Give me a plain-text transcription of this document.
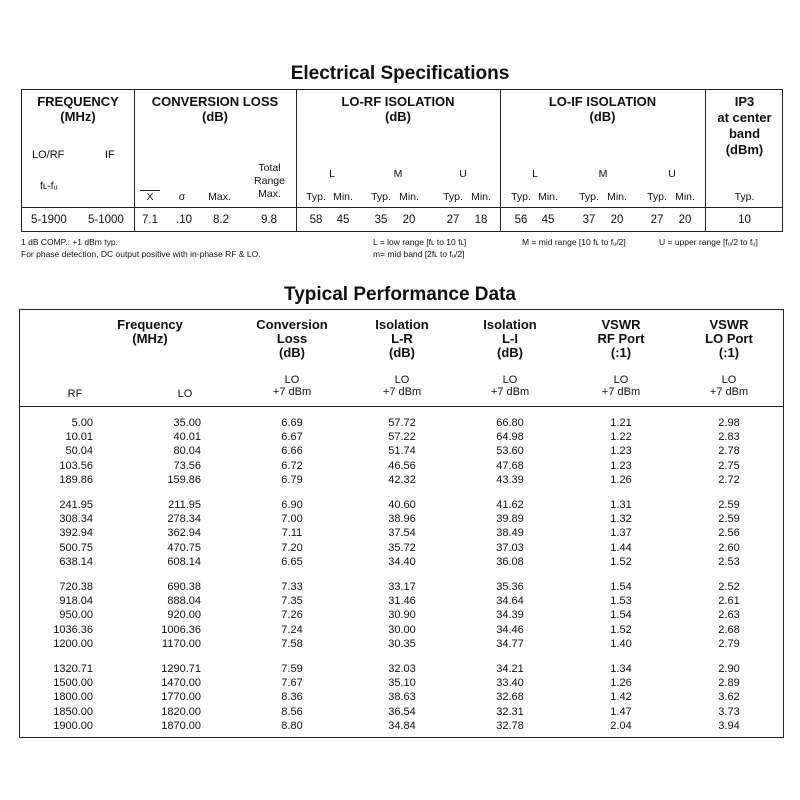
Electrical Specifications
FREQUENCY
(MHz)
LO/RF	IF
fʟ-fᵤ
CONVERSION LOSS
(dB)
Total
Range
Max.
X	σ	Max.
LO-RF ISOLATION
(dB)
L	M	U
Typ. Min. Typ. Min. Typ. Min.
LO-IF ISOLATION
(dB)
L	M	U
Typ. Min. Typ. Min. Typ. Min.
IP3
at center
band
(dBm)
Typ.
5-1900 5-1000	7.1	.10	8.2	9.8	58	45	35	20	27	18	56	45	37	20	27	20	10
1 dB COMP.: +1 dBm typ.
For phase detection, DC output positive with in-phase RF & LO.
L = low range [fʟ to 10 fʟ]
m= mid band [2fʟ to fᵤ/2]
M = mid range [10 fʟ to fᵤ/2]	U = upper range [fᵤ/2 to fᵤ]
Typical Performance Data
Frequency
(MHz)
RF	LO
Conversion
Loss
(dB)
Isolation
L-R
(dB)
Isolation
L-I
(dB)
VSWR
RF Port
(:1)
VSWR
LO Port
(:1)
LO
+7 dBm
LO
+7 dBm
LO
+7 dBm
LO
+7 dBm
LO
+7 dBm
5.00	35.00	6.69	57.72	66.80	1.21	2.98
10.01	40.01	6.67	57.22	64.98	1.22	2.83
50.04	80.04	6.66	51.74	53.60	1.23	2.78
103.56	73.56	6.72	46.56	47.68	1.23	2.75
189.86	159.86	6.79	42.32	43.39	1.26	2.72
241.95	211.95	6.90	40.60	41.62	1.31	2.59
308.34	278.34	7.00	38.96	39.89	1.32	2.59
392.94	362.94	7.11	37.54	38.49	1.37	2.56
500.75	470.75	7.20	35.72	37.03	1.44	2.60
638.14	608.14	6.65	34.40	36.08	1.52	2.53
720.38	690.38	7.33	33.17	35.36	1.54	2.52
918.04	888.04	7.35	31.46	34.64	1.53	2.61
950.00	920.00	7.26	30.90	34.39	1.54	2.63
1036.36	1006.36	7.24	30.00	34.46	1.52	2.68
1200.00	1170.00	7.58	30.35	34.77	1.40	2.79
1320.71	1290.71	7.59	32.03	34.21	1.34	2.90
1500.00	1470.00	7.67	35.10	33.40	1.26	2.89
1800.00	1770.00	8.36	38.63	32.68	1.42	3.62
1850.00	1820.00	8.56	36.54	32.31	1.47	3.73
1900.00	1870.00	8.80	34.84	32.78	2.04	3.94
